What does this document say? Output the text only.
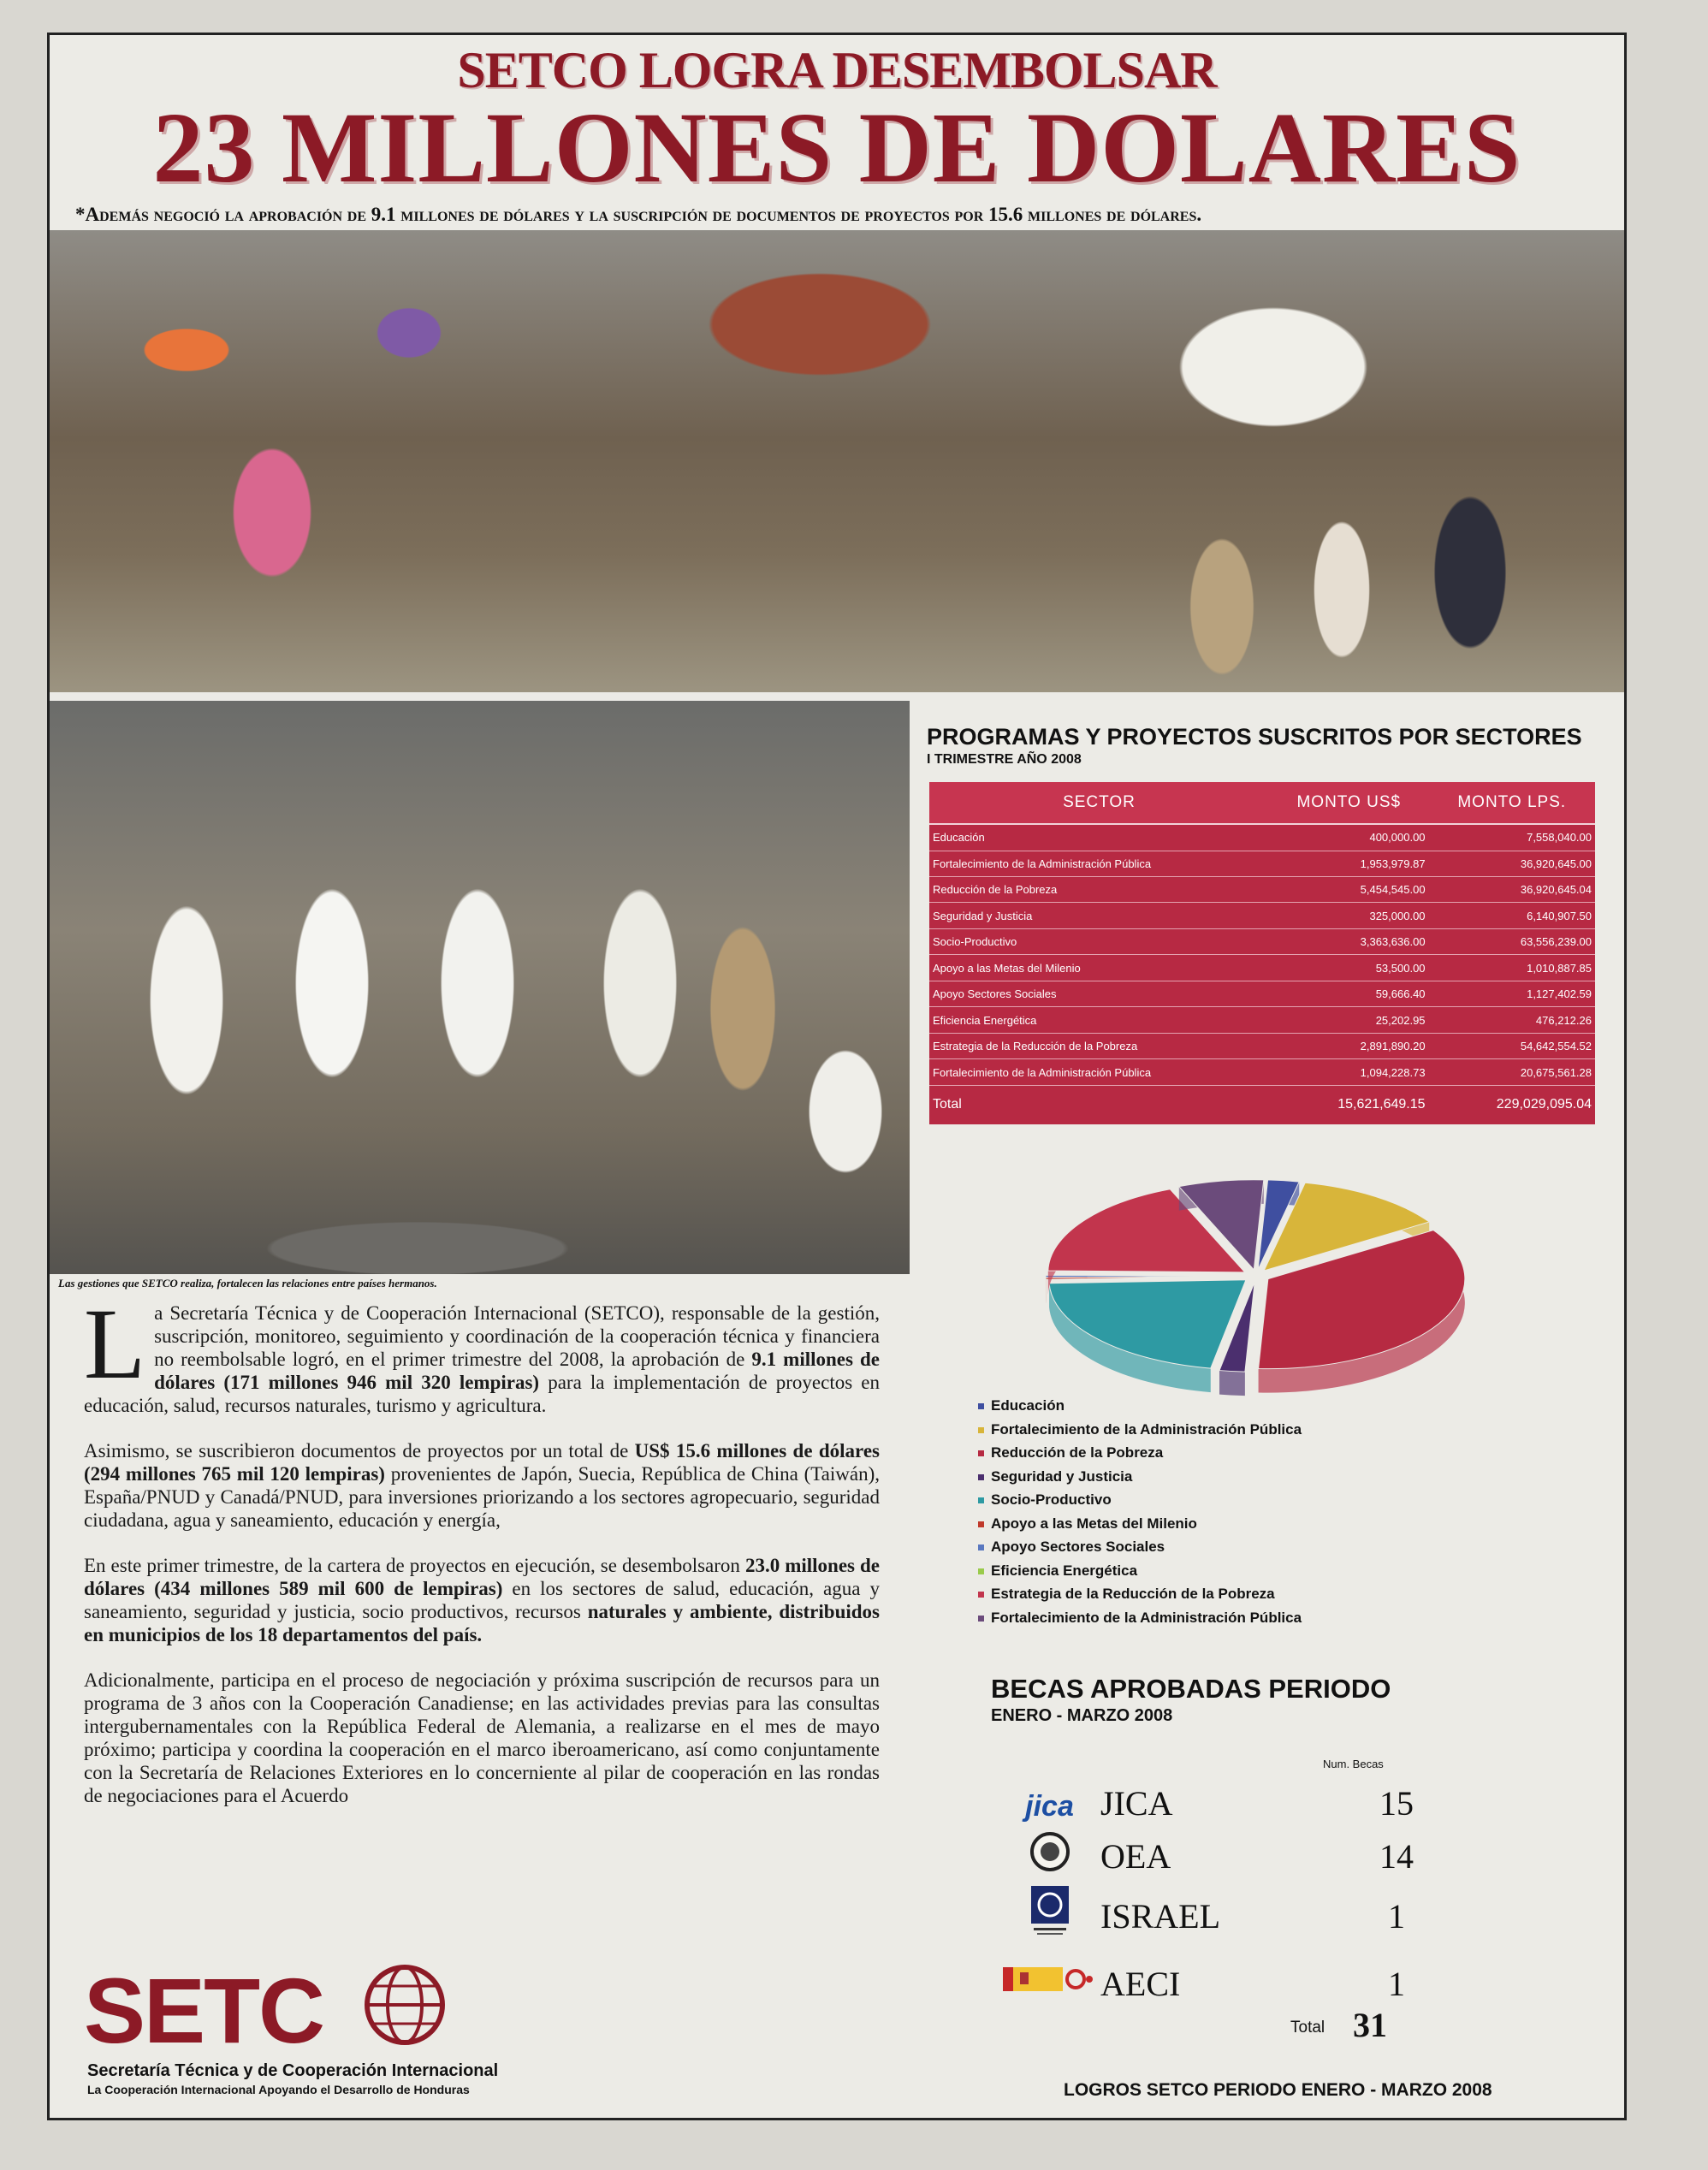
SETCO LOGRA DESEMBOLSAR
23 MILLONES DE DOLARES
*Además negoció la aprobación de 9.1 millones de dólares y la suscripción de documentos de proyectos por 15.6 millones de dólares.
Las gestiones que SETCO realiza, fortalecen las relaciones entre países hermanos.

La Secretaría Técnica y de Cooperación Internacional (SETCO), responsable de la gestión, suscripción, monitoreo, seguimiento y coordinación de la cooperación técnica y financiera no reembolsable logró, en el primer trimestre del 2008, la aprobación de 9.1 millones de dólares (171 millones 946 mil 320 lempiras) para la implementación de proyectos en educación, salud, recursos naturales, turismo y agricultura.

Asimismo, se suscribieron documentos de proyectos por un total de US$ 15.6 millones de dólares (294 millones 765 mil 120 lempiras) provenientes de Japón, Suecia, República de China (Taiwán), España/PNUD y Canadá/PNUD, para inversiones priorizando a los sectores agropecuario, seguridad ciudadana, agua y saneamiento, educación y energía,

En este primer trimestre, de la cartera de proyectos en ejecución, se desembolsaron 23.0 millones de dólares (434 millones 589 mil 600 de lempiras) en los sectores de salud, educación, agua y saneamiento, seguridad y justicia, socio productivos, recursos naturales y ambiente, distribuidos en municipios de los 18 departamentos del país.

Adicionalmente, participa en el proceso de negociación y próxima suscripción de recursos para un programa de 3 años con la Cooperación Canadiense; en las actividades previas para las consultas intergubernamentales con la República Federal de Alemania, a realizarse en el mes de mayo próximo; participa y coordina la cooperación en el marco iberoamericano, así como conjuntamente con la Secretaría de Relaciones Exteriores en lo concerniente al pilar de cooperación en las rondas de negociaciones para el Acuerdo

PROGRAMAS Y PROYECTOS SUSCRITOS POR SECTORES
I TRIMESTRE AÑO 2008
SECTOR	MONTO US$	MONTO LPS.
Educación	400,000.00	7,558,040.00
Fortalecimiento de la Administración Pública	1,953,979.87	36,920,645.00
Reducción de la Pobreza	5,454,545.00	36,920,645.04
Seguridad y Justicia	325,000.00	6,140,907.50
Socio-Productivo	3,363,636.00	63,556,239.00
Apoyo a las Metas del Milenio	53,500.00	1,010,887.85
Apoyo Sectores Sociales	59,666.40	1,127,402.59
Eficiencia Energética	25,202.95	476,212.26
Estrategia de la Reducción de la Pobreza	2,891,890.20	54,642,554.52
Fortalecimiento de la Administración Pública	1,094,228.73	20,675,561.28
Total	15,621,649.15	229,029,095.04
Educación
Fortalecimiento de la Administración Pública
Reducción de la Pobreza
Seguridad y Justicia
Socio-Productivo
Apoyo a las Metas del Milenio
Apoyo Sectores Sociales
Eficiencia Energética
Estrategia de la Reducción de la Pobreza
Fortalecimiento de la Administración Pública
BECAS APROBADAS PERIODO
ENERO - MARZO 2008
Num. Becas
jica	JICA	15
	OEA	14
	ISRAEL	1
	AECI	1
Total 31
SETC
Secretaría Técnica y de Cooperación Internacional
La Cooperación Internacional Apoyando el Desarrollo de Honduras	LOGROS SETCO PERIODO ENERO - MARZO 2008
